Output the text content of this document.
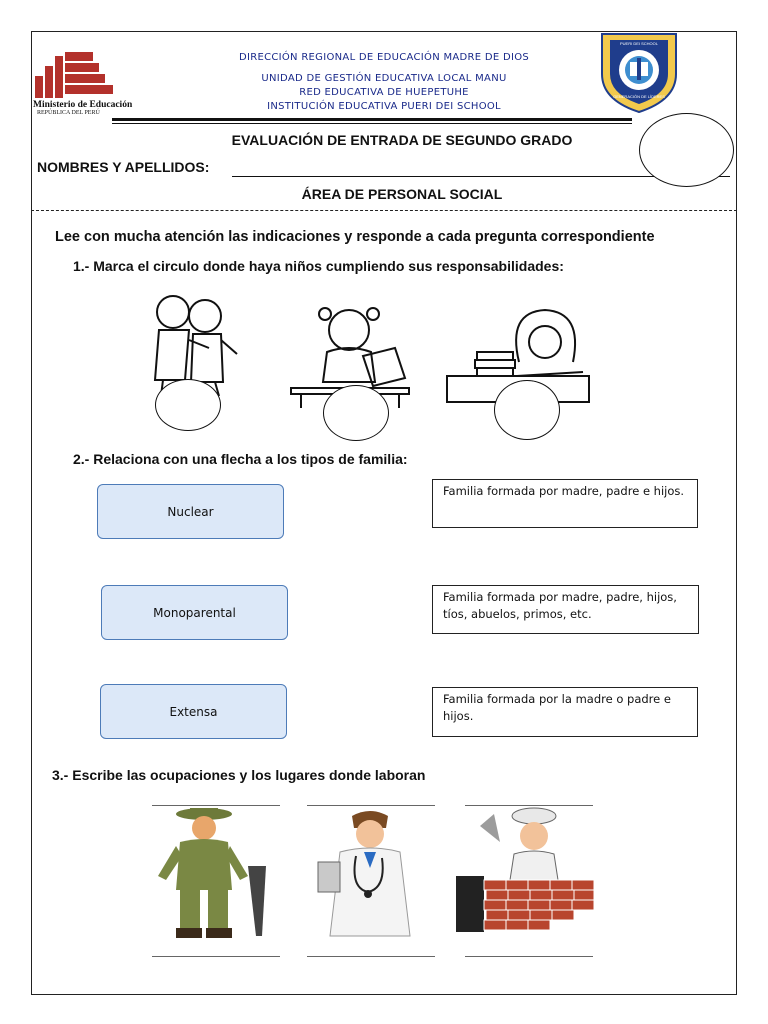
Ministerio de Educación
REPÚBLICA DEL PERÚ
DIRECCIÓN REGIONAL DE EDUCACIÓN MADRE DE DIOS
UNIDAD DE GESTIÓN EDUCATIVA LOCAL MANU
RED EDUCATIVA DE HUEPETUHE
INSTITUCIÓN EDUCATIVA PUERI DEI SCHOOL
PUERI DEI SCHOOL
GENERACIÓN DE LÍDERES
EVALUACIÓN DE ENTRADA DE SEGUNDO GRADO
NOMBRES Y APELLIDOS:
ÁREA DE PERSONAL SOCIAL
Lee con mucha atención las indicaciones y responde a cada pregunta correspondiente
1.- Marca el circulo donde haya niños cumpliendo sus responsabilidades:
2.- Relaciona con una flecha a los tipos de familia:
Nuclear
Monoparental
Extensa
Familia formada por madre, padre e hijos.
Familia formada por madre, padre, hijos, tíos, abuelos, primos, etc.
Familia formada por la madre o padre e hijos.
3.- Escribe las ocupaciones y los lugares donde laboran
